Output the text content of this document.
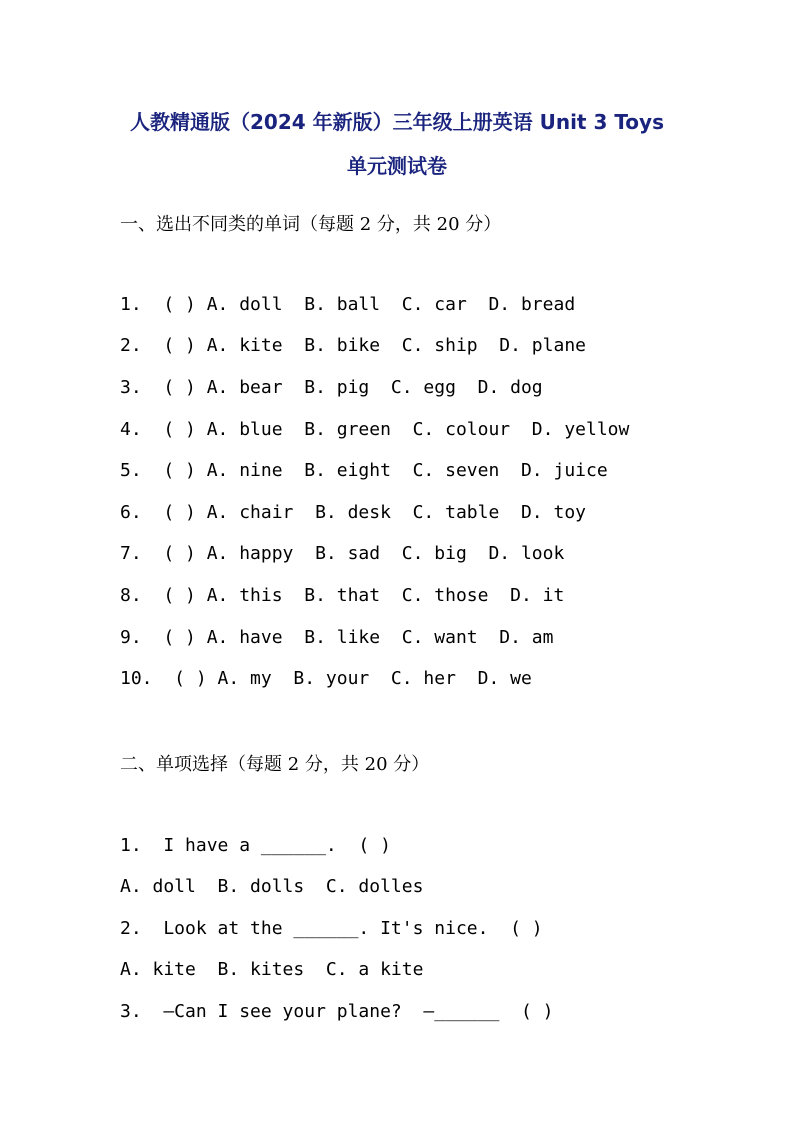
人教精通版（2024 年新版）三年级上册英语 Unit 3 Toys
单元测试卷
一、选出不同类的单词（每题 2 分，共 20 分）
1.  ( ) A. doll  B. ball  C. car  D. bread
2.  ( ) A. kite  B. bike  C. ship  D. plane
3.  ( ) A. bear  B. pig  C. egg  D. dog
4.  ( ) A. blue  B. green  C. colour  D. yellow
5.  ( ) A. nine  B. eight  C. seven  D. juice
6.  ( ) A. chair  B. desk  C. table  D. toy
7.  ( ) A. happy  B. sad  C. big  D. look
8.  ( ) A. this  B. that  C. those  D. it
9.  ( ) A. have  B. like  C. want  D. am
10.  ( ) A. my  B. your  C. her  D. we
二、单项选择（每题 2 分，共 20 分）
1.  I have a ______.  ( )
A. doll  B. dolls  C. dolles
2.  Look at the ______. It's nice.  ( )
A. kite  B. kites  C. a kite
3.  —Can I see your plane?  —______  ( )
